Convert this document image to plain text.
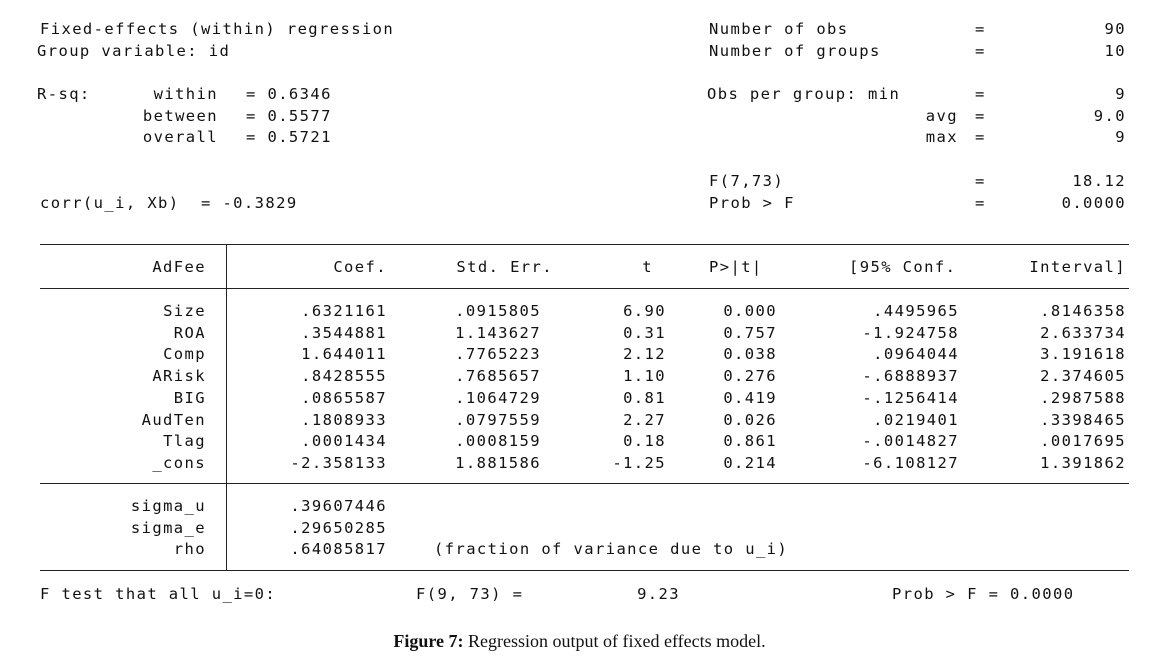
Fixed-effects (within) regression
Group variable: id
R-sq:	within = 0.6346
between = 0.5577
overall = 0.5721
corr(u_i, Xb)  = -0.3829
Number of obs	=	90
Number of groups	=	10
Obs per group: min	=	9
avg =	9.0
max =	9
F(7,73)	=	18.12
Prob > F	=	0.0000
AdFee	Coef.	Std. Err.	t	P>|t|	[95% Conf.	Interval]
Size	.6321161	.0915805	6.90	0.000	.4495965	.8146358
ROA	.3544881	1.143627	0.31	0.757	-1.924758	2.633734
Comp	1.644011	.7765223	2.12	0.038	.0964044	3.191618
ARisk	.8428555	.7685657	1.10	0.276	-.6888937	2.374605
BIG	.0865587	.1064729	0.81	0.419	-.1256414	.2987588
AudTen	.1808933	.0797559	2.27	0.026	.0219401	.3398465
Tlag	.0001434	.0008159	0.18	0.861	-.0014827	.0017695
_cons	-2.358133	1.881586	-1.25	0.214	-6.108127	1.391862
sigma_u	.39607446
sigma_e	.29650285
rho	.64085817	(fraction of variance due to u_i)
F test that all u_i=0:	F(9, 73) =	9.23	Prob > F = 0.0000
Figure 7: Regression output of fixed effects model.
